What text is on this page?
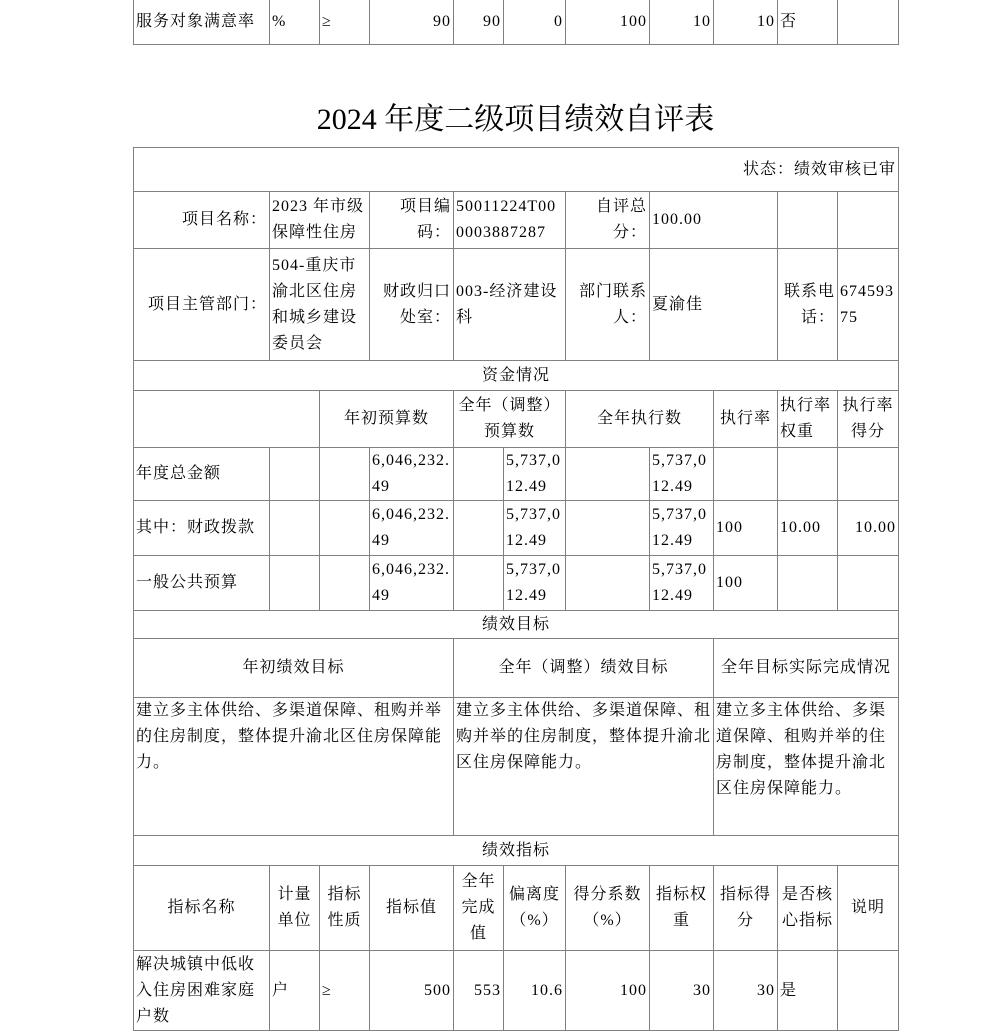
服务对象满意率	%	≥	90	90	0	100	10	10	否	
2024 年度二级项目绩效自评表
状态：绩效审核已审										
项目名称：	2023 年市级保障性住房		项目编码：	50011224T000003887287		自评总分：	100.00			
项目主管部门：	504-重庆市渝北区住房和城乡建设委员会		财政归口处室：	003-经济建设科		部门联系人：	夏渝佳		联系电话：	67459375
资金情况										
		年初预算数		全年（调整）预算数		全年执行数		执行率	执行率权重	执行率得分
年度总金额			6,046,232.49		5,737,012.49		5,737,012.49			
其中：财政拨款			6,046,232.49		5,737,012.49		5,737,012.49	100	10.00	10.00
一般公共预算			6,046,232.49		5,737,012.49		5,737,012.49	100		
绩效目标										
年初绩效目标				全年（调整）绩效目标				全年目标实际完成情况		
建立多主体供给、多渠道保障、租购并举的住房制度，整体提升渝北区住房保障能力。				建立多主体供给、多渠道保障、租购并举的住房制度，整体提升渝北区住房保障能力。				建立多主体供给、多渠道保障、租购并举的住房制度，整体提升渝北区住房保障能力。		
绩效指标										
指标名称	计量单位	指标性质	指标值	全年完成值	偏离度（%）	得分系数（%）	指标权重	指标得分	是否核心指标	说明
解决城镇中低收入住房困难家庭户数	户	≥	500	553	10.6	100	30	30	是	
